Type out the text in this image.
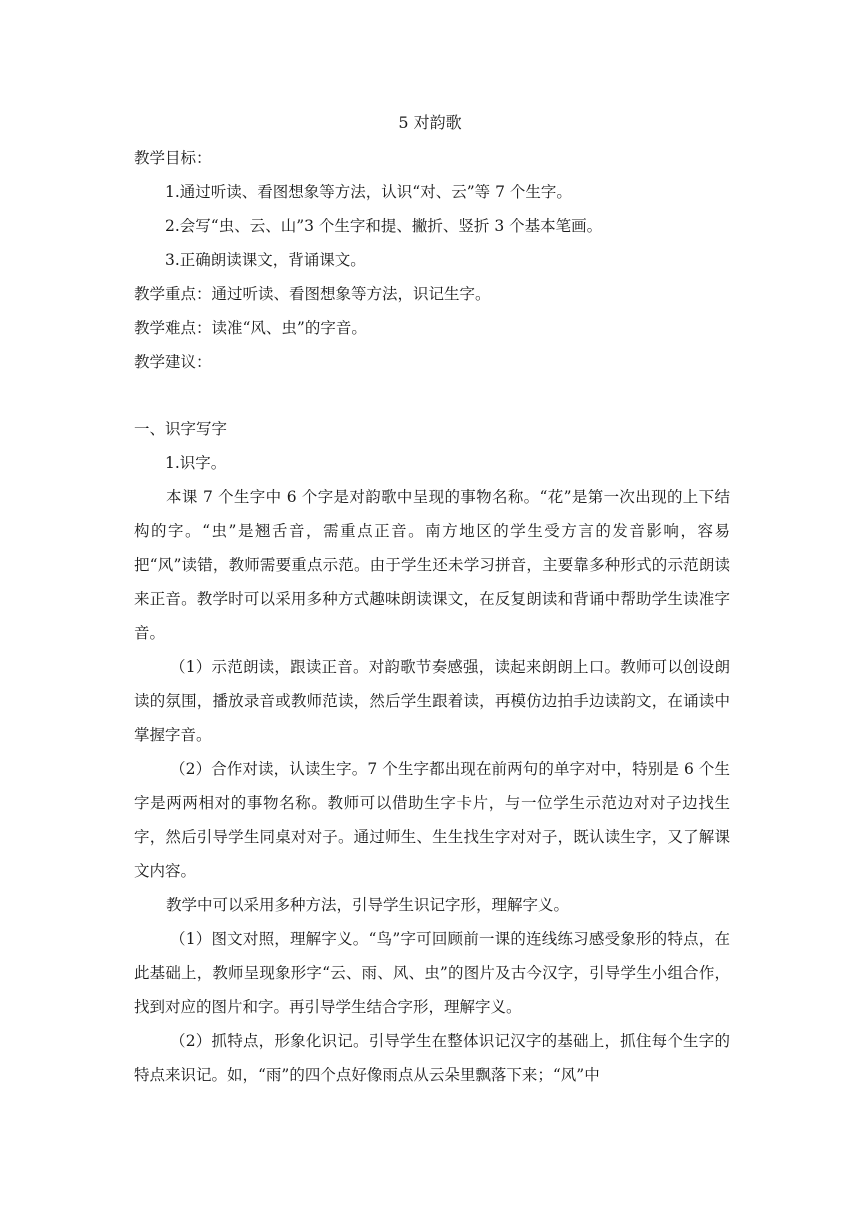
5 对韵歌
教学目标：
1.通过听读、看图想象等方法，认识“对、云”等 7 个生字。
2.会写“虫、云、山”3 个生字和提、撇折、竖折 3 个基本笔画。
3.正确朗读课文，背诵课文。
教学重点：通过听读、看图想象等方法，识记生字。
教学难点：读准“风、虫”的字音。
教学建议：
一、识字写字
1.识字。
本课 7 个生字中 6 个字是对韵歌中呈现的事物名称。“花”是第一次出现的上下结构的字。“虫”是翘舌音，需重点正音。南方地区的学生受方言的发音影响，容易把“风”读错，教师需要重点示范。由于学生还未学习拼音，主要靠多种形式的示范朗读来正音。教学时可以采用多种方式趣味朗读课文，在反复朗读和背诵中帮助学生读准字音。
（1）示范朗读，跟读正音。对韵歌节奏感强，读起来朗朗上口。教师可以创设朗读的氛围，播放录音或教师范读，然后学生跟着读，再模仿边拍手边读韵文，在诵读中掌握字音。
（2）合作对读，认读生字。7 个生字都出现在前两句的单字对中，特别是 6 个生字是两两相对的事物名称。教师可以借助生字卡片，与一位学生示范边对对子边找生字，然后引导学生同桌对对子。通过师生、生生找生字对对子，既认读生字，又了解课文内容。
教学中可以采用多种方法，引导学生识记字形，理解字义。
（1）图文对照，理解字义。“鸟”字可回顾前一课的连线练习感受象形的特点，在此基础上，教师呈现象形字“云、雨、风、虫”的图片及古今汉字，引导学生小组合作，找到对应的图片和字。再引导学生结合字形，理解字义。
（2）抓特点，形象化识记。引导学生在整体识记汉字的基础上，抓住每个生字的特点来识记。如，“雨”的四个点好像雨点从云朵里飘落下来；“风”中
